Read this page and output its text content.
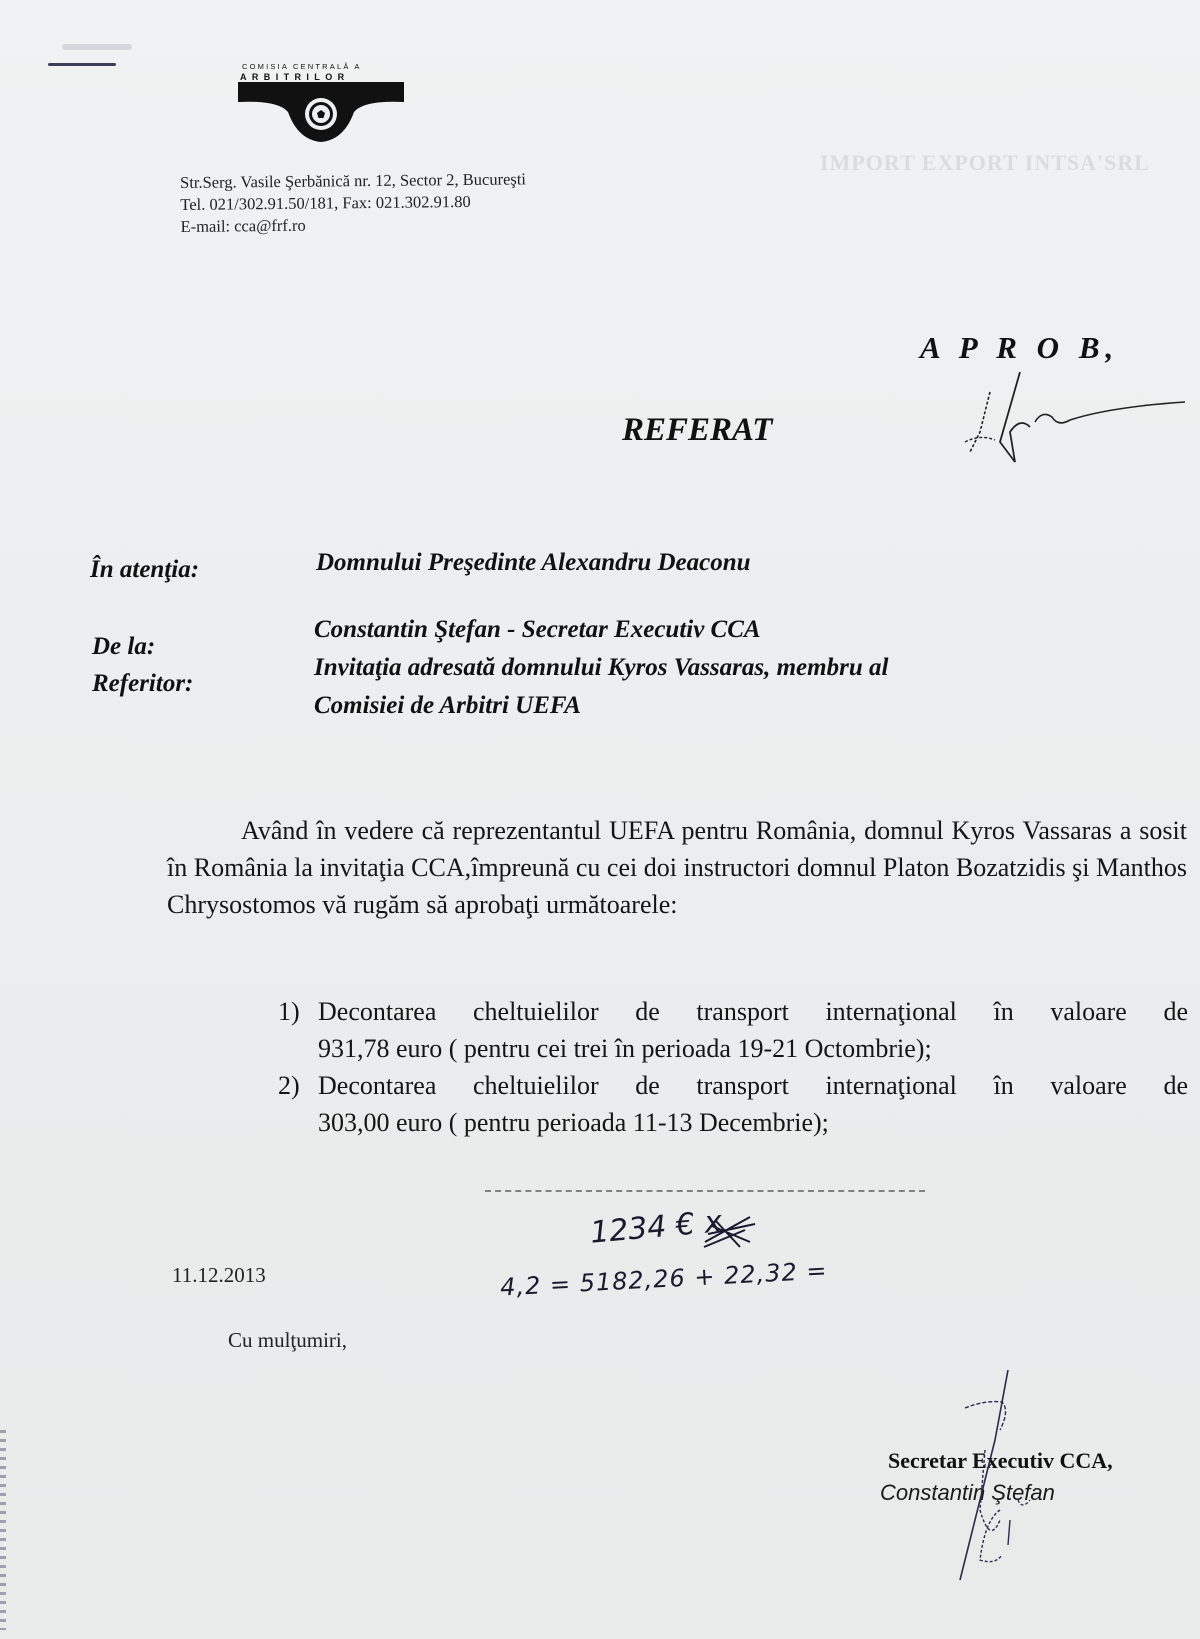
IMPORT EXPORT INTSA'SRL
COMISIA CENTRALĂ A
ARBITRILOR
Str.Serg. Vasile Şerbănică nr. 12, Sector 2, Bucureşti
Tel. 021/302.91.50/181, Fax: 021.302.91.80
E-mail: cca@frf.ro
A P R O B,
REFERAT
În atenţia:	Domnului Preşedinte Alexandru Deaconu
De la:
Constantin Ştefan - Secretar Executiv CCA
Referitor:
Invitaţia adresată domnului Kyros Vassaras, membru al
Comisiei de Arbitri UEFA

Având în vedere că reprezentantul UEFA pentru România, domnul Kyros Vassaras a sosit în România la invitaţia CCA,împreună cu cei doi instructori domnul Platon Bozatzidis şi Manthos Chrysostomos vă rugăm să aprobaţi următoarele:

1) Decontarea cheltuielilor de transport internaţional în valoare de
931,78 euro ( pentru cei trei în perioada 19-21 Octombrie);
2) Decontarea cheltuielilor de transport internaţional în valoare de
303,00 euro ( pentru perioada 11-13 Decembrie);
1234 € x
4,2 = 5182,26 + 22,32 =
11.12.2013
Cu mulţumiri,
Secretar Executiv CCA,
Constantin Ştefan
